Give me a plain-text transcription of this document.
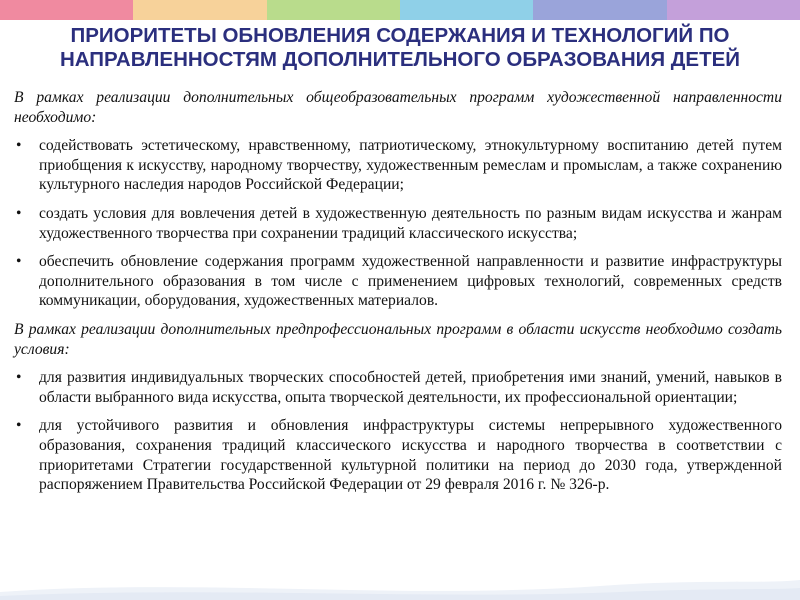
ПРИОРИТЕТЫ ОБНОВЛЕНИЯ СОДЕРЖАНИЯ И ТЕХНОЛОГИЙ ПО НАПРАВЛЕННОСТЯМ ДОПОЛНИТЕЛЬНОГО ОБРАЗОВАНИЯ ДЕТЕЙ

В рамках реализации дополнительных общеобразовательных программ художественной направленности необходимо:

• содействовать эстетическому, нравственному, патриотическому, этнокультурному воспитанию детей путем приобщения к искусству, народному творчеству, художественным ремеслам и промыслам, а также сохранению культурного наследия народов Российской Федерации;
• создать условия для вовлечения детей в художественную деятельность по разным видам искусства и жанрам художественного творчества при сохранении традиций классического искусства;
• обеспечить обновление содержания программ художественной направленности и развитие инфраструктуры дополнительного образования в том числе с применением цифровых технологий, современных средств коммуникации, оборудования, художественных материалов.

В рамках реализации дополнительных предпрофессиональных программ в области искусств необходимо создать условия:

• для развития индивидуальных творческих способностей детей, приобретения ими знаний, умений, навыков в области выбранного вида искусства, опыта творческой деятельности, их профессиональной ориентации;
• для устойчивого развития и обновления инфраструктуры системы непрерывного художественного образования, сохранения традиций классического искусства и народного творчества в соответствии с приоритетами Стратегии государственной культурной политики на период до 2030 года, утвержденной распоряжением Правительства Российской Федерации от 29 февраля 2016 г. № 326-р.
